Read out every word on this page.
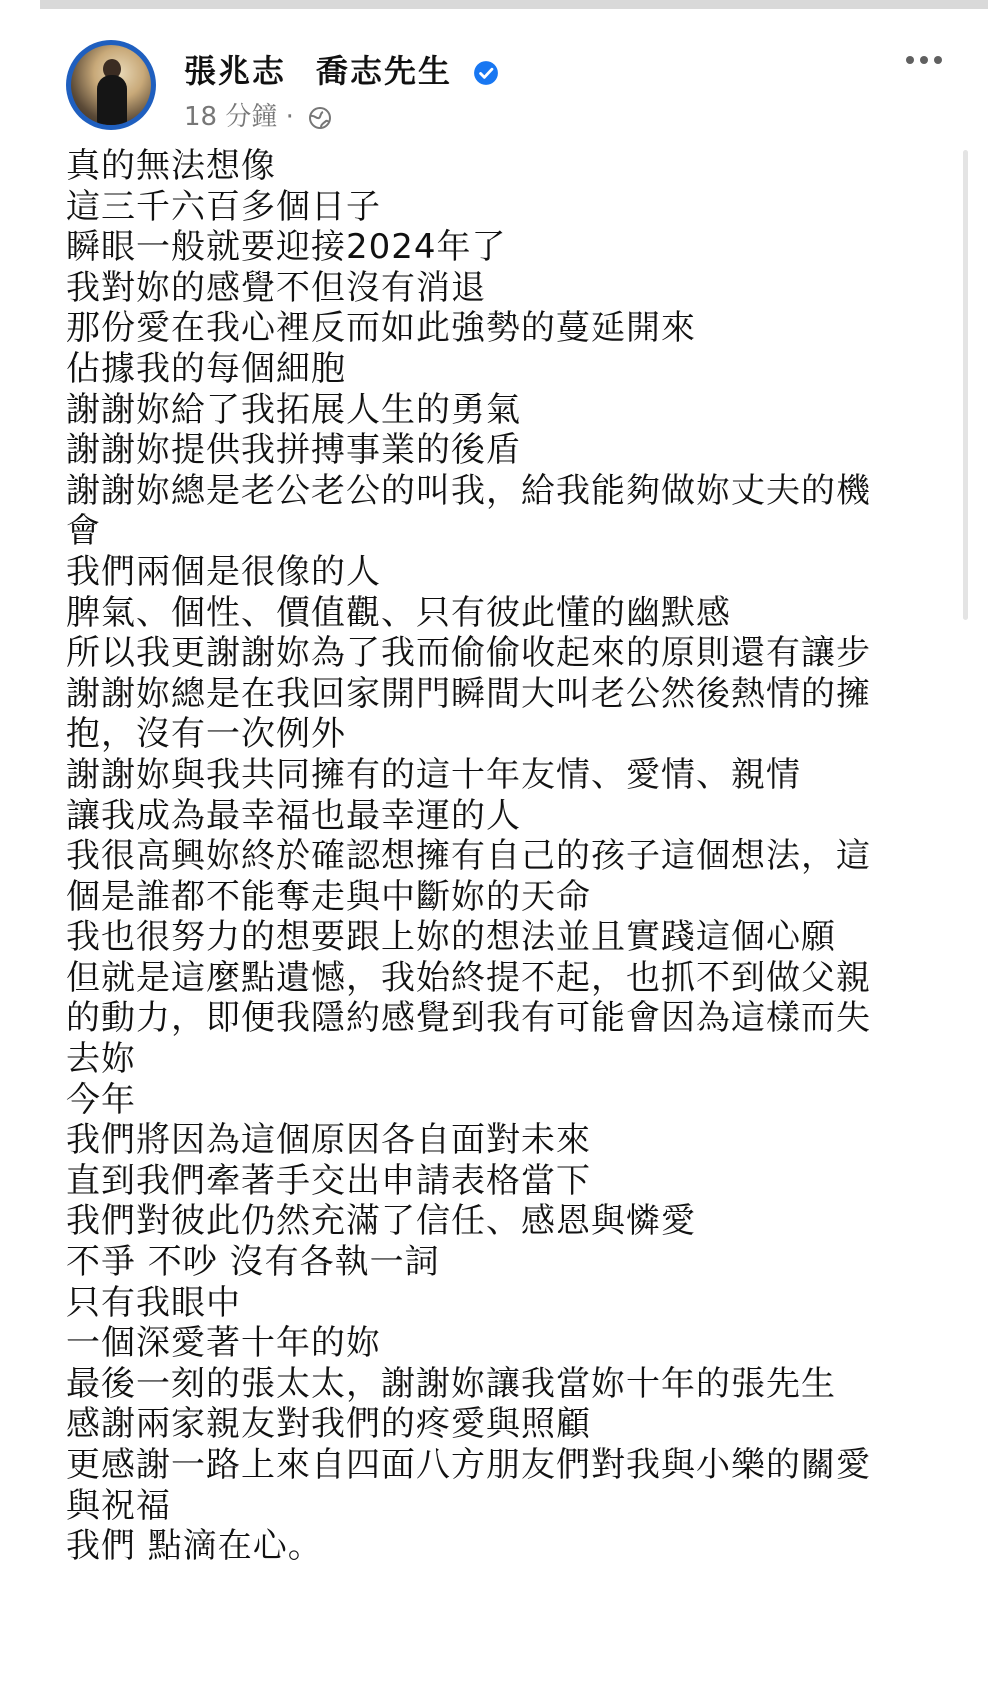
張兆志 喬志先生
18 分鐘 ·
真的無法想像
這三千六百多個日子
瞬眼一般就要迎接2024年了
我對妳的感覺不但沒有消退
那份愛在我心裡反而如此強勢的蔓延開來
佔據我的每個細胞
謝謝妳給了我拓展人生的勇氣
謝謝妳提供我拼搏事業的後盾
謝謝妳總是老公老公的叫我，給我能夠做妳丈夫的機
會
我們兩個是很像的人
脾氣、個性、價值觀、只有彼此懂的幽默感
所以我更謝謝妳為了我而偷偷收起來的原則還有讓步
謝謝妳總是在我回家開門瞬間大叫老公然後熱情的擁
抱，沒有一次例外
謝謝妳與我共同擁有的這十年友情、愛情、親情
讓我成為最幸福也最幸運的人
我很高興妳終於確認想擁有自己的孩子這個想法，這
個是誰都不能奪走與中斷妳的天命
我也很努力的想要跟上妳的想法並且實踐這個心願
但就是這麼點遺憾，我始終提不起，也抓不到做父親
的動力，即便我隱約感覺到我有可能會因為這樣而失
去妳
今年
我們將因為這個原因各自面對未來
直到我們牽著手交出申請表格當下
我們對彼此仍然充滿了信任、感恩與憐愛
不爭 不吵 沒有各執一詞
只有我眼中
一個深愛著十年的妳
最後一刻的張太太，謝謝妳讓我當妳十年的張先生
感謝兩家親友對我們的疼愛與照顧
更感謝一路上來自四面八方朋友們對我與小樂的關愛
與祝福
我們 點滴在心。
